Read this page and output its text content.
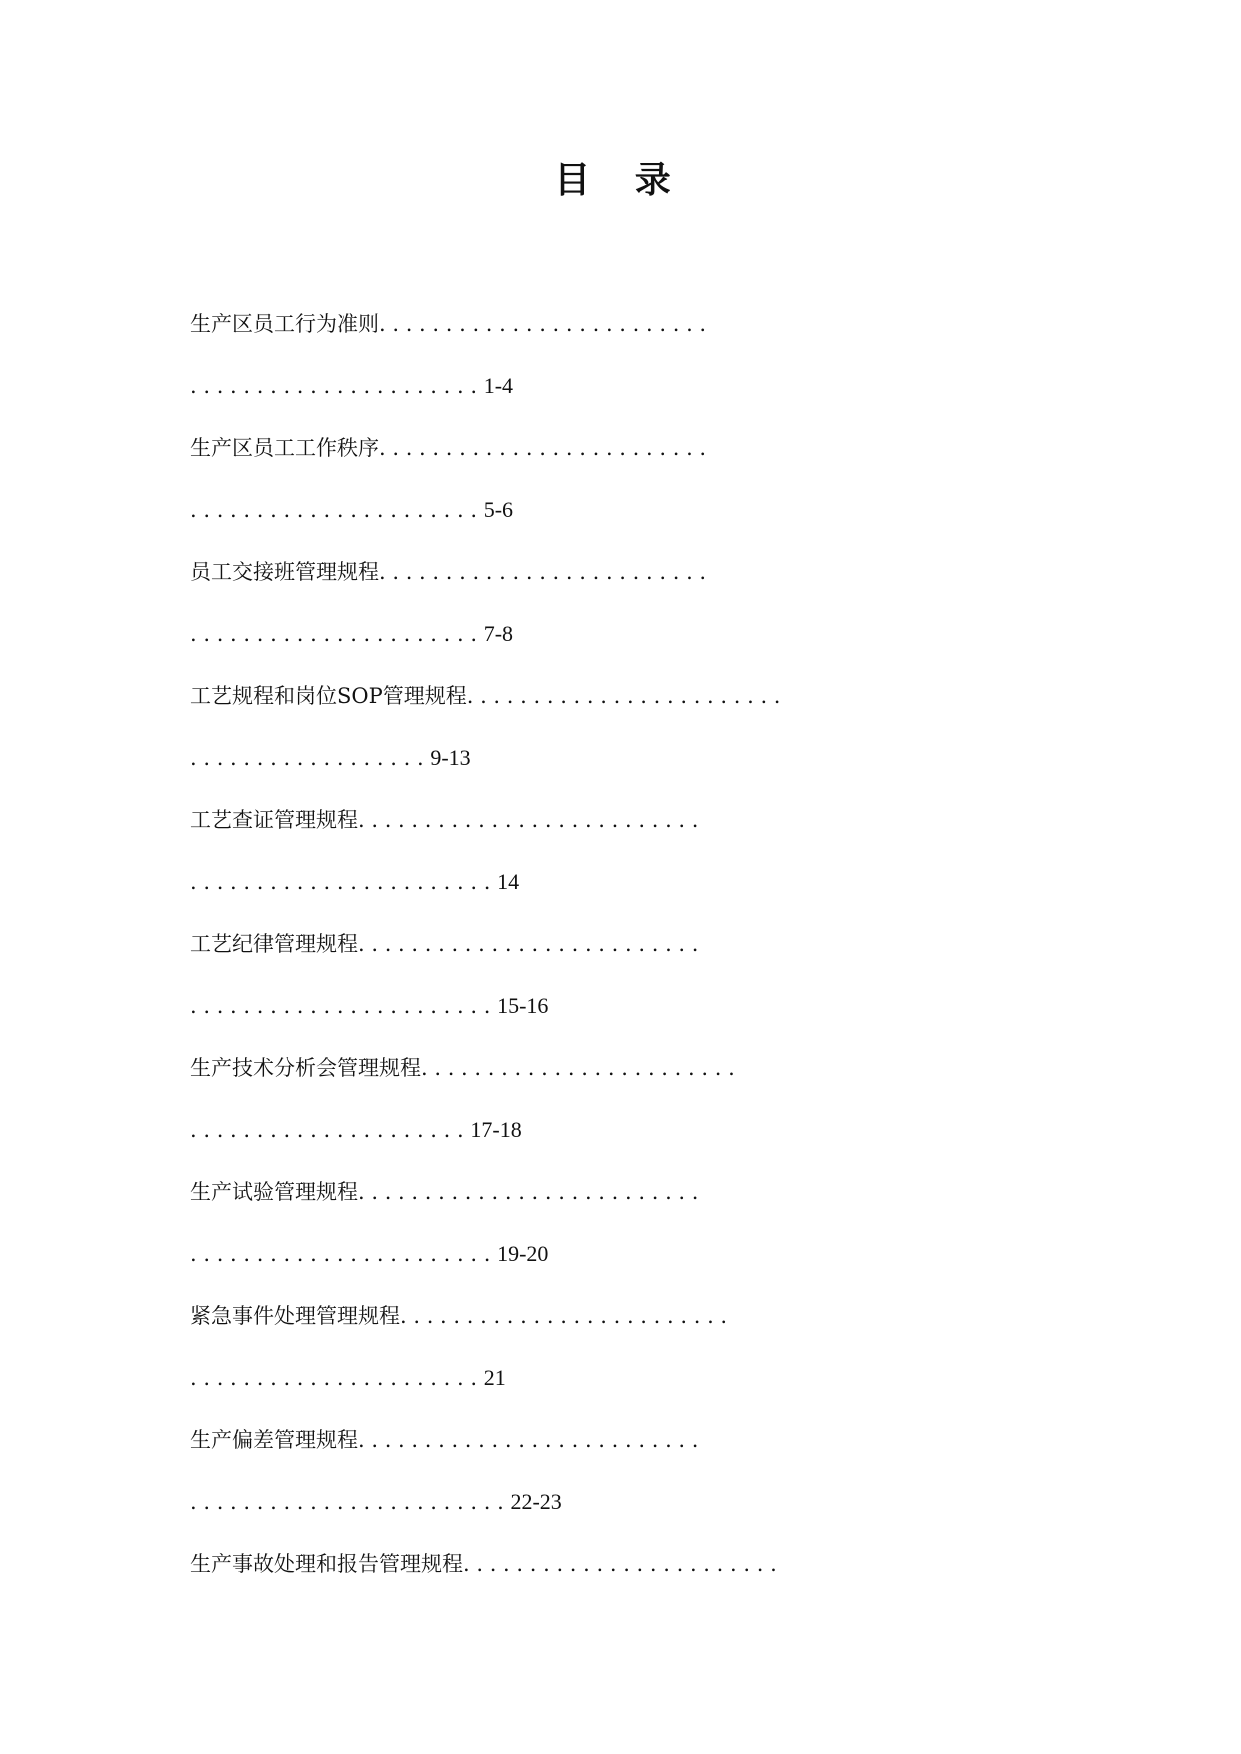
目 录
生产区员工行为准则. . . . . . . . . . . . . . . . . . . . . . . . .
. . . . . . . . . . . . . . . . . . . . . . 1-4
生产区员工工作秩序. . . . . . . . . . . . . . . . . . . . . . . . .
. . . . . . . . . . . . . . . . . . . . . . 5-6
员工交接班管理规程. . . . . . . . . . . . . . . . . . . . . . . . .
. . . . . . . . . . . . . . . . . . . . . . 7-8
工艺规程和岗位SOP管理规程. . . . . . . . . . . . . . . . . . . . . . . .
. . . . . . . . . . . . . . . . . . 9-13
工艺查证管理规程. . . . . . . . . . . . . . . . . . . . . . . . . .
. . . . . . . . . . . . . . . . . . . . . . . 14
工艺纪律管理规程. . . . . . . . . . . . . . . . . . . . . . . . . .
. . . . . . . . . . . . . . . . . . . . . . . 15-16
生产技术分析会管理规程. . . . . . . . . . . . . . . . . . . . . . . .
. . . . . . . . . . . . . . . . . . . . . 17-18
生产试验管理规程. . . . . . . . . . . . . . . . . . . . . . . . . .
. . . . . . . . . . . . . . . . . . . . . . . 19-20
紧急事件处理管理规程. . . . . . . . . . . . . . . . . . . . . . . . .
. . . . . . . . . . . . . . . . . . . . . . 21
生产偏差管理规程. . . . . . . . . . . . . . . . . . . . . . . . . .
. . . . . . . . . . . . . . . . . . . . . . . . 22-23
生产事故处理和报告管理规程. . . . . . . . . . . . . . . . . . . . . . . .
